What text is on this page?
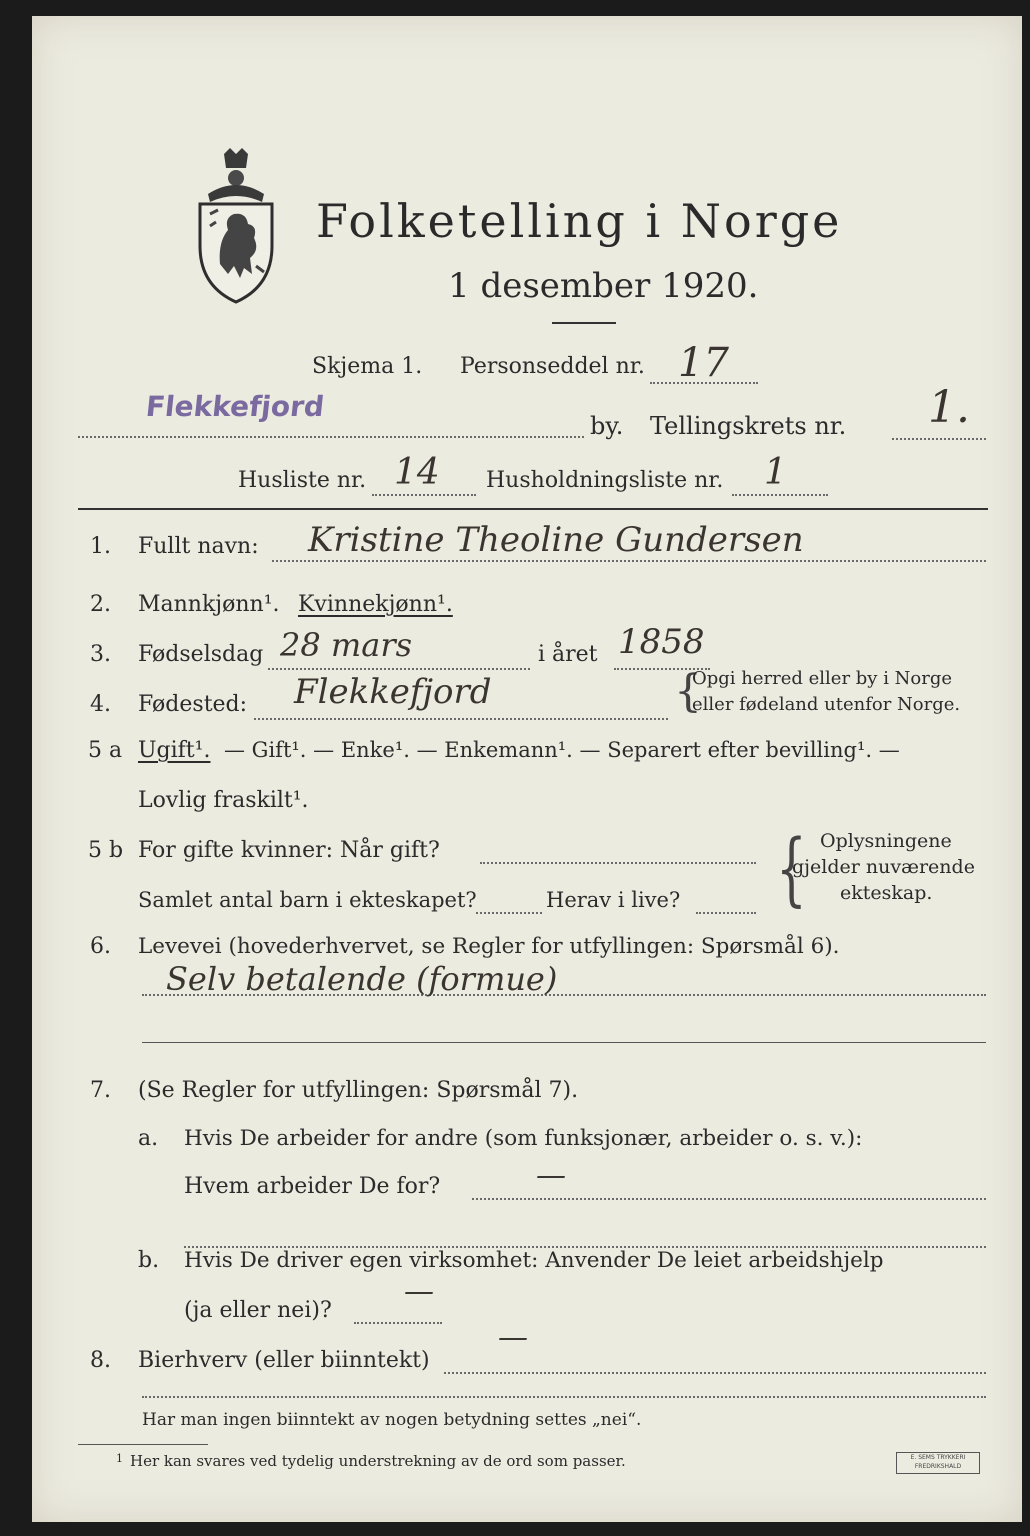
Folketelling i Norge
1 desember 1920.
Skjema 1. Personseddel nr. 17
Flekkefjord
by. Tellingskrets nr. 1.
Husliste nr. 14 Husholdningsliste nr. 1
1. Fullt navn: Kristine Theoline Gundersen
2. Mannkjønn¹. Kvinnekjønn¹.
3. Fødselsdag 28 mars	i året 1858
4. Fødested: Flekkefjord	{
Opgi herred eller by i Norge
eller fødeland utenfor Norge.
5 a Ugift¹. — Gift¹. — Enke¹. — Enkemann¹. — Separert efter bevilling¹. —
Lovlig fraskilt¹.
5 b For gifte kvinner: Når gift?
Samlet antal barn i ekteskapet?	Herav i live? { Oplysningene
gjelder nuværende
ekteskap.
6. Levevei (hovederhvervet, se Regler for utfyllingen: Spørsmål 6).
Selv betalende (formue)
7. (Se Regler for utfyllingen: Spørsmål 7).
a. Hvis De arbeider for andre (som funksjonær, arbeider o. s. v.):
Hvem arbeider De for?	—
b. Hvis De driver egen virksomhet: Anvender De leiet arbeidshjelp
(ja eller nei)?
—
8. Bierhverv (eller biinntekt)
—
Har man ingen biinntekt av nogen betydning settes „nei“.
1 Her kan svares ved tydelig understrekning av de ord som passer.	E. SEMS TRYKKERI
FREDRIKSHALD
